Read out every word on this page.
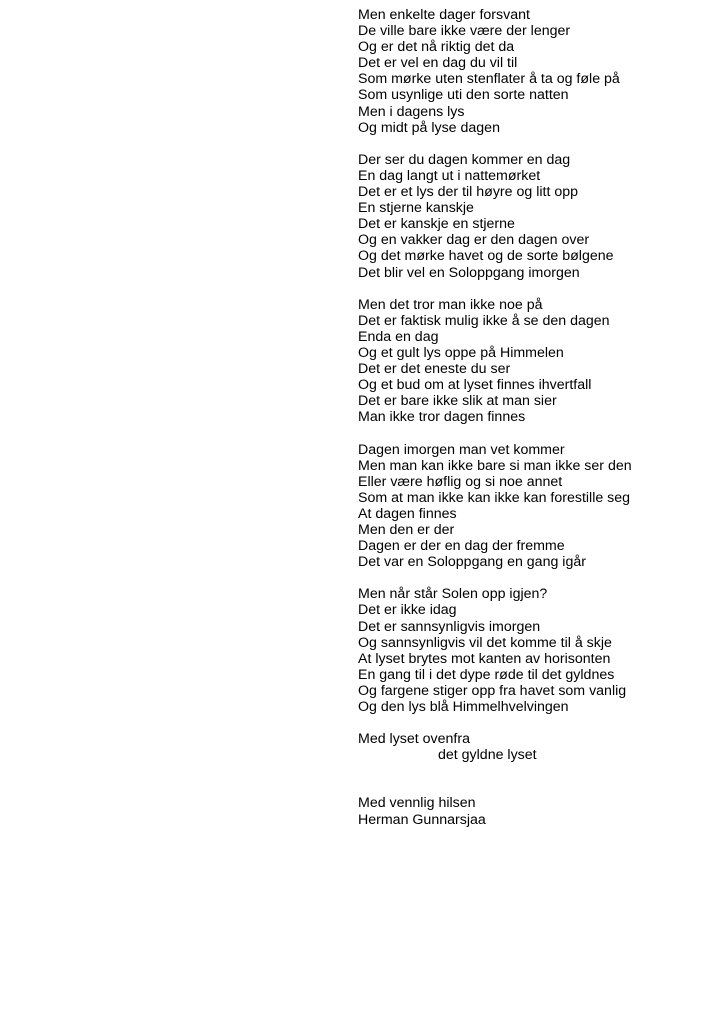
Men enkelte dager forsvant
De ville bare ikke være der lenger
Og er det nå riktig det da
Det er vel en dag du vil til
Som mørke uten stenflater å ta og føle på
Som usynlige uti den sorte natten
Men i dagens lys
Og midt på lyse dagen
Der ser du dagen kommer en dag
En dag langt ut i nattemørket
Det er et lys der til høyre og litt opp
En stjerne kanskje
Det er kanskje en stjerne
Og en vakker dag er den dagen over
Og det mørke havet og de sorte bølgene
Det blir vel en Soloppgang imorgen
Men det tror man ikke noe på
Det er faktisk mulig ikke å se den dagen
Enda en dag
Og et gult lys oppe på Himmelen
Det er det eneste du ser
Og et bud om at lyset finnes ihvertfall
Det er bare ikke slik at man sier
Man ikke tror dagen finnes
Dagen imorgen man vet kommer
Men man kan ikke bare si man ikke ser den
Eller være høflig og si noe annet
Som at man ikke kan ikke kan forestille seg
At dagen finnes
Men den er der
Dagen er der en dag der fremme
Det var en Soloppgang en gang igår
Men når står Solen opp igjen?
Det er ikke idag
Det er sannsynligvis imorgen
Og sannsynligvis vil det komme til å skje
At lyset brytes mot kanten av horisonten
En gang til i det dype røde til det gyldnes
Og fargene stiger opp fra havet som vanlig
Og den lys blå Himmelhvelvingen
Med lyset ovenfra
det gyldne lyset
Med vennlig hilsen
Herman Gunnarsjaa
